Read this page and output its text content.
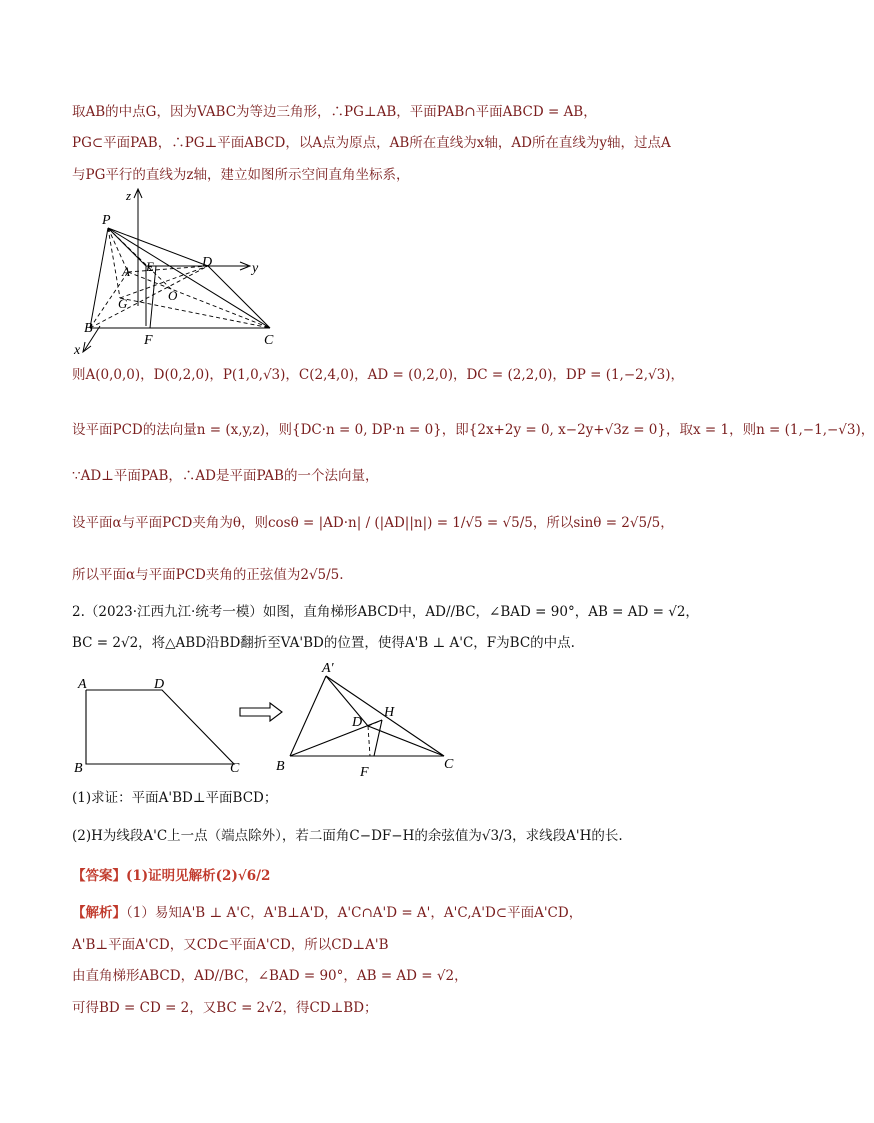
取AB的中点G，因为VABC为等边三角形，∴PG⊥AB，平面PAB∩平面ABCD = AB，
PG⊂平面PAB，∴PG⊥平面ABCD，以A点为原点，AB所在直线为x轴，AD所在直线为y轴，过点A
与PG平行的直线为z轴，建立如图所示空间直角坐标系，
P
z
y
x
A E	D
G
O
B
F	C
则A(0,0,0)，D(0,2,0)，P(1,0,√3)，C(2,4,0)，AD = (0,2,0)，DC = (2,2,0)，DP = (1,−2,√3)，
设平面PCD的法向量n = (x,y,z)，则{DC·n = 0, DP·n = 0}，即{2x+2y = 0, x−2y+√3z = 0}，取x = 1，则n = (1,−1,−√3)，
∵AD⊥平面PAB，∴AD是平面PAB的一个法向量，
设平面α与平面PCD夹角为θ，则cosθ = |AD·n| / (|AD||n|) = 1/√5 = √5/5，所以sinθ = 2√5/5，
所以平面α与平面PCD夹角的正弦值为2√5/5.
2.（2023·江西九江·统考一模）如图，直角梯形ABCD中，AD//BC，∠BAD = 90°，AB = AD = √2，
BC = 2√2，将△ABD沿BD翻折至VA'BD的位置，使得A'B ⊥ A'C，F为BC的中点.
A	D
B	C
A′
D
H
B	F
C
(1)求证：平面A'BD⊥平面BCD；
(2)H为线段A'C上一点（端点除外），若二面角C−DF−H的余弦值为√3/3，求线段A'H的长.
【答案】(1)证明见解析(2)√6/2
【解析】（1）易知A'B ⊥ A'C，A'B⊥A'D，A'C∩A'D = A'，A'C,A'D⊂平面A'CD，
A'B⊥平面A'CD，又CD⊂平面A'CD，所以CD⊥A'B
由直角梯形ABCD，AD//BC，∠BAD = 90°，AB = AD = √2，
可得BD = CD = 2，又BC = 2√2，得CD⊥BD；
